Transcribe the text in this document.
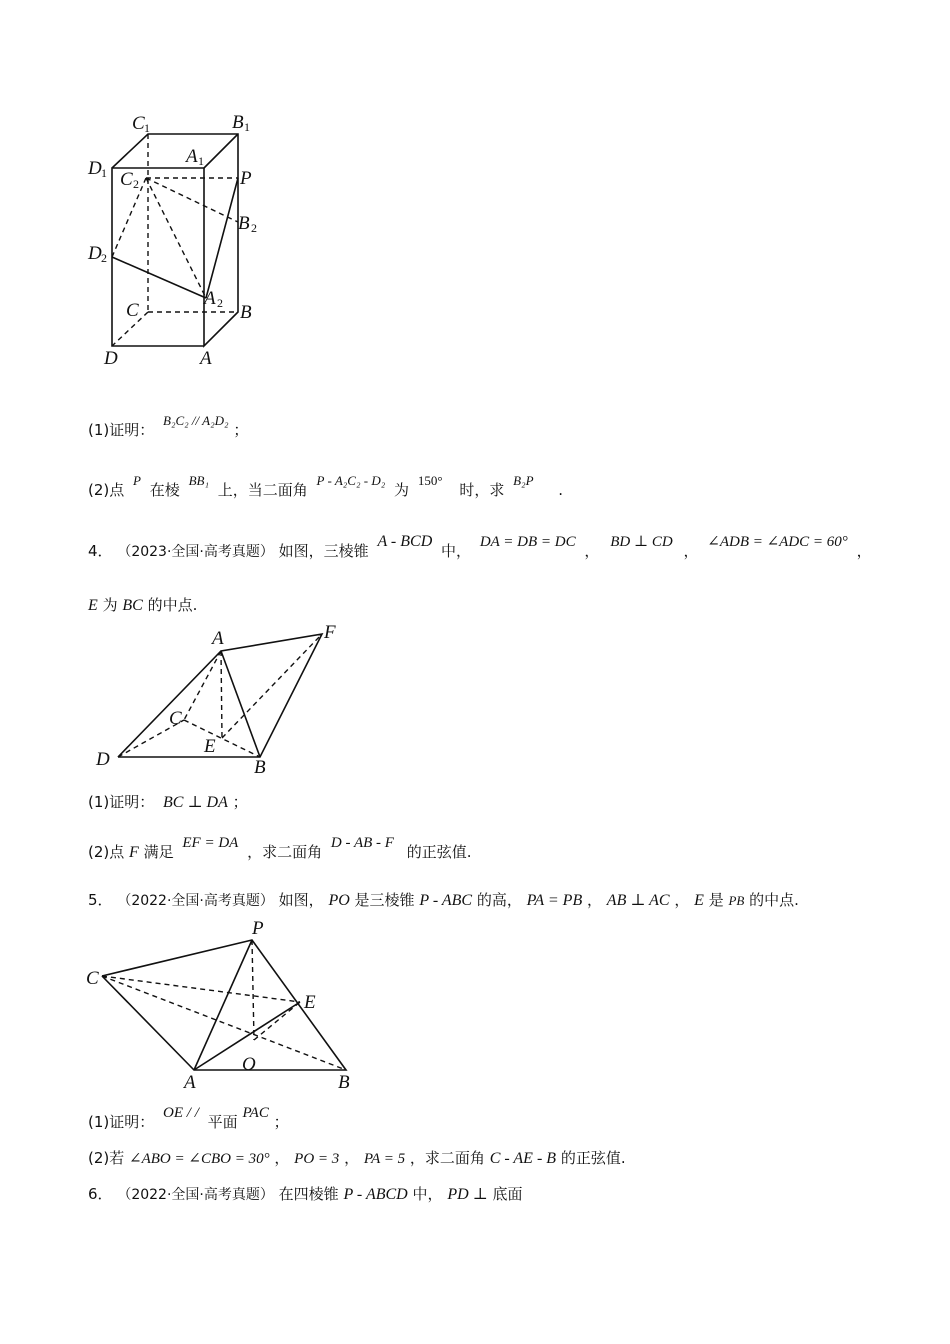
C 1	B 1
A 1
D 1 C 2	P
B 2
D 2
A 2
C	B
D	A
(1)证明： B₂C₂ // A₂D₂ ；
(2)点 P 在棱 BB₁ 上，当二面角 P - A₂C₂ - D₂ 为 150° 时，求 B₂P .
4． （2023·全国·高考真题） 如图，三棱锥 A - BCD 中， DA = DB = DC ， BD ⊥ CD ， ∠ADB = ∠ADC = 60° ，
E 为 BC 的中点.
A	F
C
E
D	B
(1)证明： BC ⊥ DA ；
(2)点 F 满足 EF = DA ，求二面角 D - AB - F 的正弦值.
5． （2022·全国·高考真题） 如图， PO 是三棱锥 P - ABC 的高， PA = PB ， AB ⊥ AC ， E 是 PB 的中点.
P
C
E
O
A	B
(1)证明： OE / / 平面 PAC ；
(2)若 ∠ABO = ∠CBO = 30° ， PO = 3 ， PA = 5 ，求二面角 C - AE - B 的正弦值.
6． （2022·全国·高考真题） 在四棱锥 P - ABCD 中， PD ⊥ 底面
